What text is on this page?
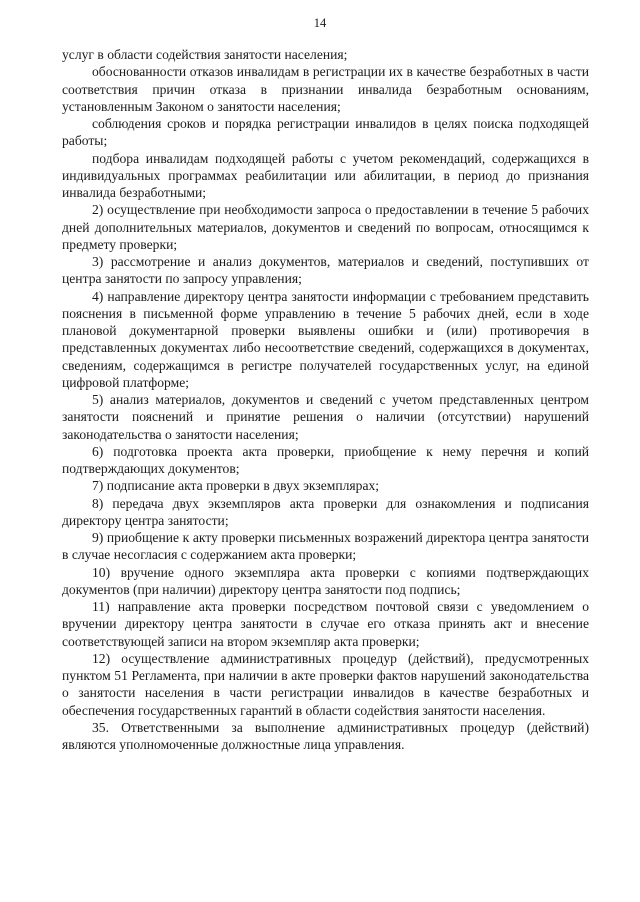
14

услуг в области содействия занятости населения;

обоснованности отказов инвалидам в регистрации их в качестве безработных в части соответствия причин отказа в признании инвалида безработным основаниям, установленным Законом о занятости населения;

соблюдения сроков и порядка регистрации инвалидов в целях поиска подходящей работы;

подбора инвалидам подходящей работы с учетом рекомендаций, содержащихся в индивидуальных программах реабилитации или абилитации, в период до признания инвалида безработными;

2) осуществление при необходимости запроса о предоставлении в течение 5 рабочих дней дополнительных материалов, документов и сведений по вопросам, относящимся к предмету проверки;

3) рассмотрение и анализ документов, материалов и сведений, поступивших от центра занятости по запросу управления;

4) направление директору центра занятости информации с требованием представить пояснения в письменной форме управлению в течение 5 рабочих дней, если в ходе плановой документарной проверки выявлены ошибки и (или) противоречия в представленных документах либо несоответствие сведений, содержащихся в документах, сведениям, содержащимся в регистре получателей государственных услуг, на единой цифровой платформе;

5) анализ материалов, документов и сведений с учетом представленных центром занятости пояснений и принятие решения о наличии (отсутствии) нарушений законодательства о занятости населения;

6) подготовка проекта акта проверки, приобщение к нему перечня и копий подтверждающих документов;

7) подписание акта проверки в двух экземплярах;

8) передача двух экземпляров акта проверки для ознакомления и подписания директору центра занятости;

9) приобщение к акту проверки письменных возражений директора центра занятости в случае несогласия с содержанием акта проверки;

10) вручение одного экземпляра акта проверки с копиями подтверждающих документов (при наличии) директору центра занятости под подпись;

11) направление акта проверки посредством почтовой связи с уведомлением о вручении директору центра занятости в случае его отказа принять акт и внесение соответствующей записи на втором экземпляр акта проверки;

12) осуществление административных процедур (действий), предусмотренных пунктом 51 Регламента, при наличии в акте проверки фактов нарушений законодательства о занятости населения в части регистрации инвалидов в качестве безработных и обеспечения государственных гарантий в области содействия занятости населения.

35. Ответственными за выполнение административных процедур (действий) являются уполномоченные должностные лица управления.
